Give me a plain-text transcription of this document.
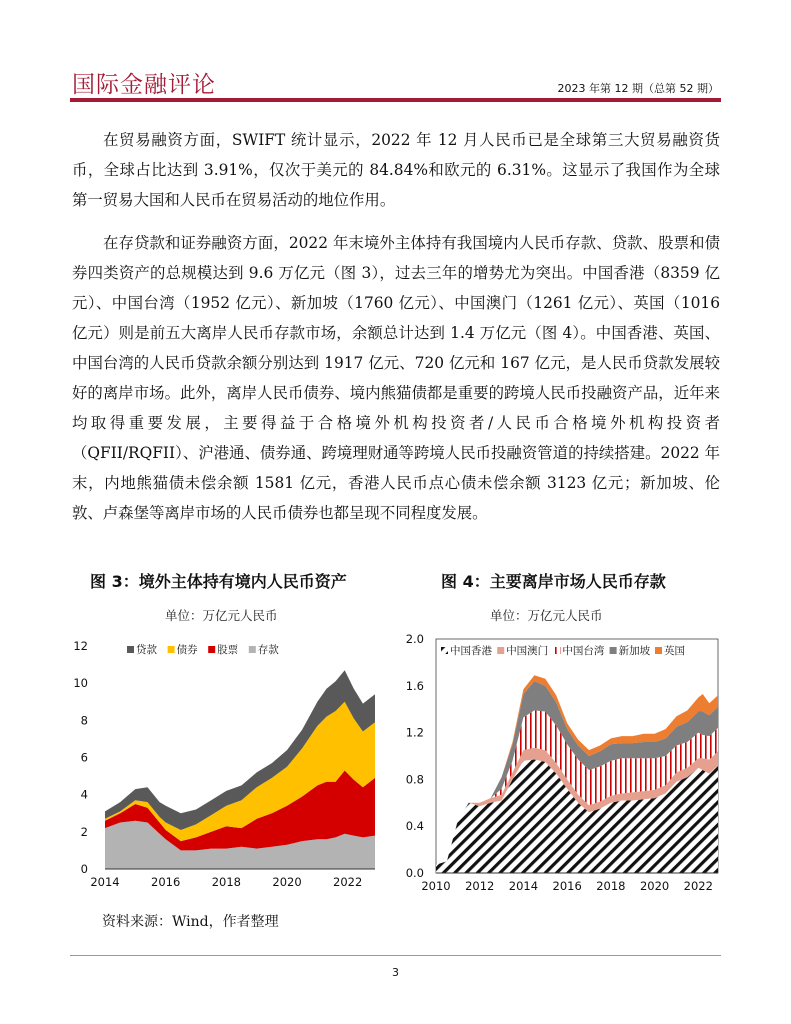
国际金融评论	2023 年第 12 期（总第 52 期）

在贸易融资方面，SWIFT 统计显示，2022 年 12 月人民币已是全球第三大贸易融资货币，全球占比达到 3.91%，仅次于美元的 84.84%和欧元的 6.31%。这显示了我国作为全球第一贸易大国和人民币在贸易活动的地位作用。

在存贷款和证券融资方面，2022 年末境外主体持有我国境内人民币存款、贷款、股票和债券四类资产的总规模达到 9.6 万亿元（图 3），过去三年的增势尤为突出。中国香港（8359 亿元）、中国台湾（1952 亿元）、新加坡（1760 亿元）、中国澳门（1261 亿元）、英国（1016 亿元）则是前五大离岸人民币存款市场，余额总计达到 1.4 万亿元（图 4）。中国香港、英国、中国台湾的人民币贷款余额分别达到 1917 亿元、720 亿元和 167 亿元，是人民币贷款发展较好的离岸市场。此外，离岸人民币债券、境内熊猫债都是重要的跨境人民币投融资产品，近年来均取得重要发展，主要得益于合格境外机构投资者/人民币合格境外机构投资者（QFII/RQFII）、沪港通、债券通、跨境理财通等跨境人民币投融资管道的持续搭建。2022 年末，内地熊猫债未偿余额 1581 亿元，香港人民币点心债未偿余额 3123 亿元；新加坡、伦敦、卢森堡等离岸市场的人民币债券也都呈现不同程度发展。

图 3：境外主体持有境内人民币资产
单位：万亿元人民币
2014	2016	2018	2020	2022
0
2
4
6
8
10
12	贷款 债券 股票 存款
图 4：主要离岸市场人民币存款
单位：万亿元人民币
2010 2012 2014 2016 2018 2020 2022
0.0
0.4
0.8
1.2
1.6
2.0
中国香港 中国澳门 中国台湾 新加坡 英国
资料来源：Wind，作者整理
3
